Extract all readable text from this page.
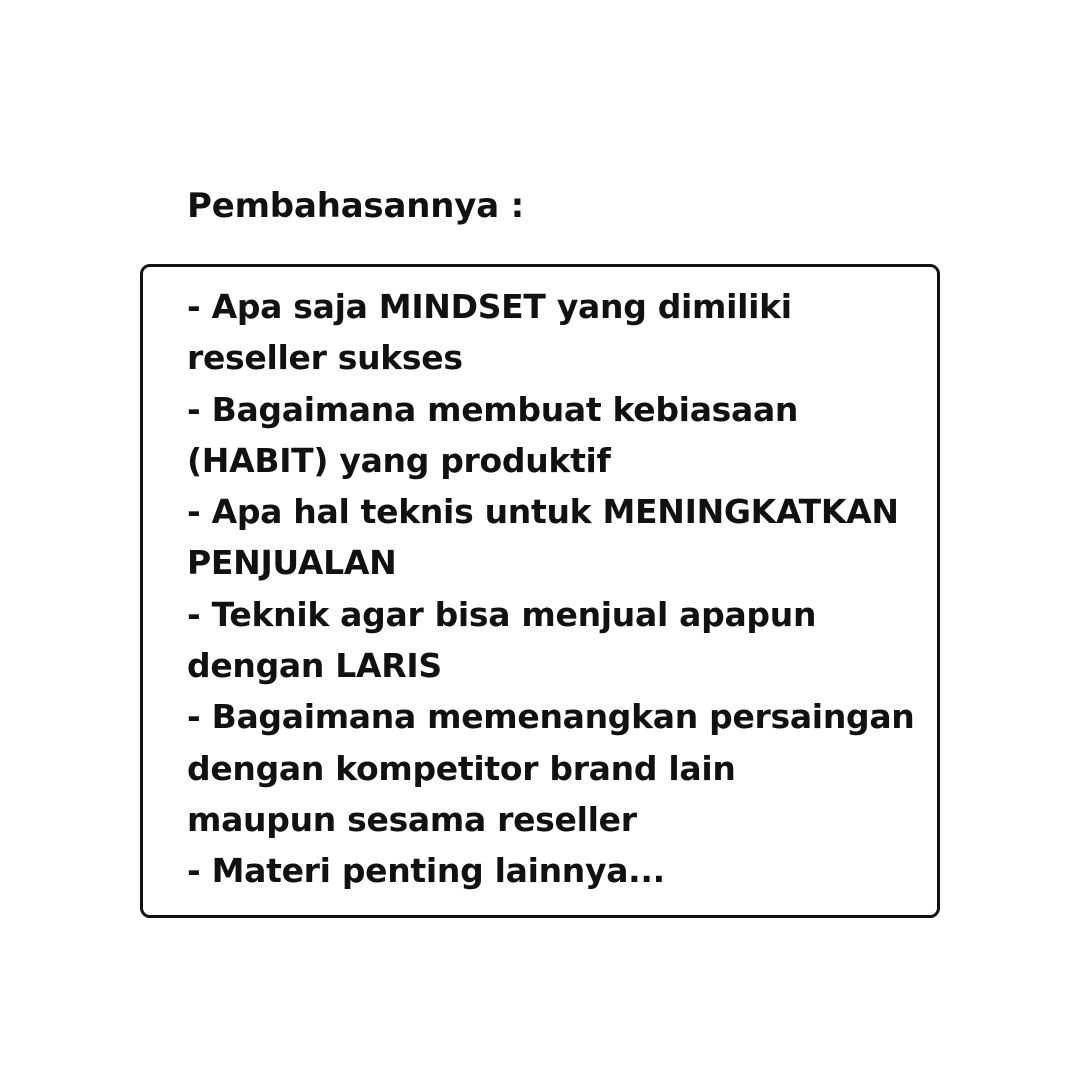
Pembahasannya :
- Apa saja MINDSET yang dimiliki
reseller sukses
- Bagaimana membuat kebiasaan
(HABIT) yang produktif
- Apa hal teknis untuk MENINGKATKAN
PENJUALAN
- Teknik agar bisa menjual apapun
dengan LARIS
- Bagaimana memenangkan persaingan
dengan kompetitor brand lain
maupun sesama reseller
- Materi penting lainnya...
